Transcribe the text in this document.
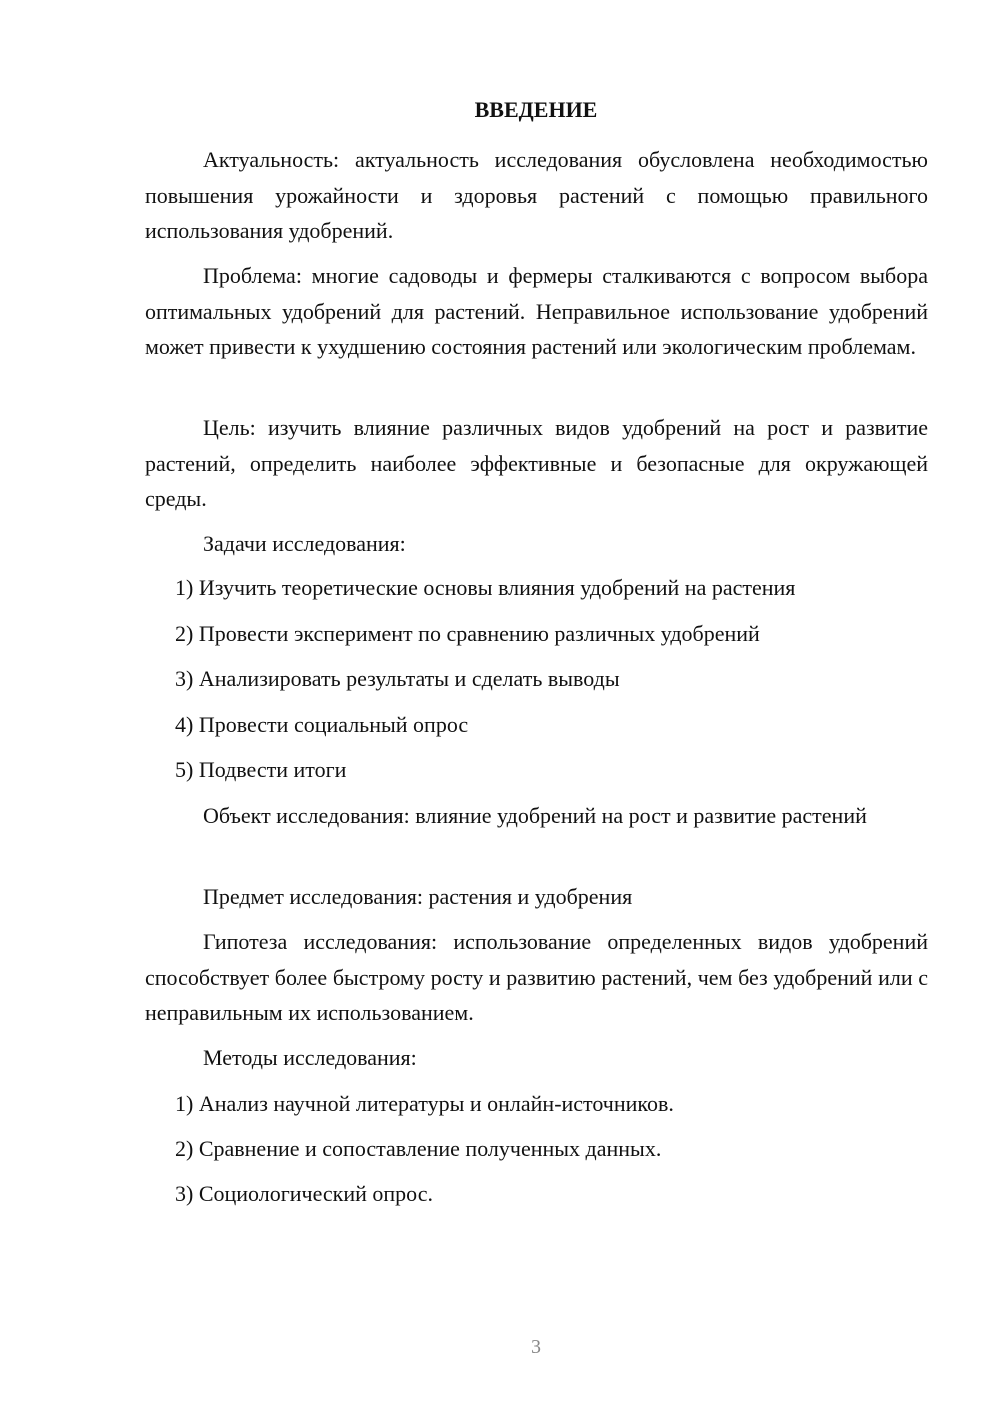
ВВЕДЕНИЕ

Актуальность: актуальность исследования обусловлена необходимостью повышения урожайности и здоровья растений с помощью правильного использования удобрений.

Проблема: многие садоводы и фермеры сталкиваются с вопросом выбора оптимальных удобрений для растений. Неправильное использование удобрений может привести к ухудшению состояния растений или экологическим проблемам.

Цель: изучить влияние различных видов удобрений на рост и развитие растений, определить наиболее эффективные и безопасные для окружающей среды.

Задачи исследования:

1) Изучить теоретические основы влияния удобрений на растения

2) Провести эксперимент по сравнению различных удобрений

3) Анализировать результаты и сделать выводы

4) Провести социальный опрос

5) Подвести итоги

Объект исследования: влияние удобрений на рост и развитие растений

Предмет исследования: растения и удобрения

Гипотеза исследования: использование определенных видов удобрений способствует более быстрому росту и развитию растений, чем без удобрений или с неправильным их использованием.

Методы исследования:

1) Анализ научной литературы и онлайн-источников.

2) Сравнение и сопоставление полученных данных.

3) Социологический опрос.

3
